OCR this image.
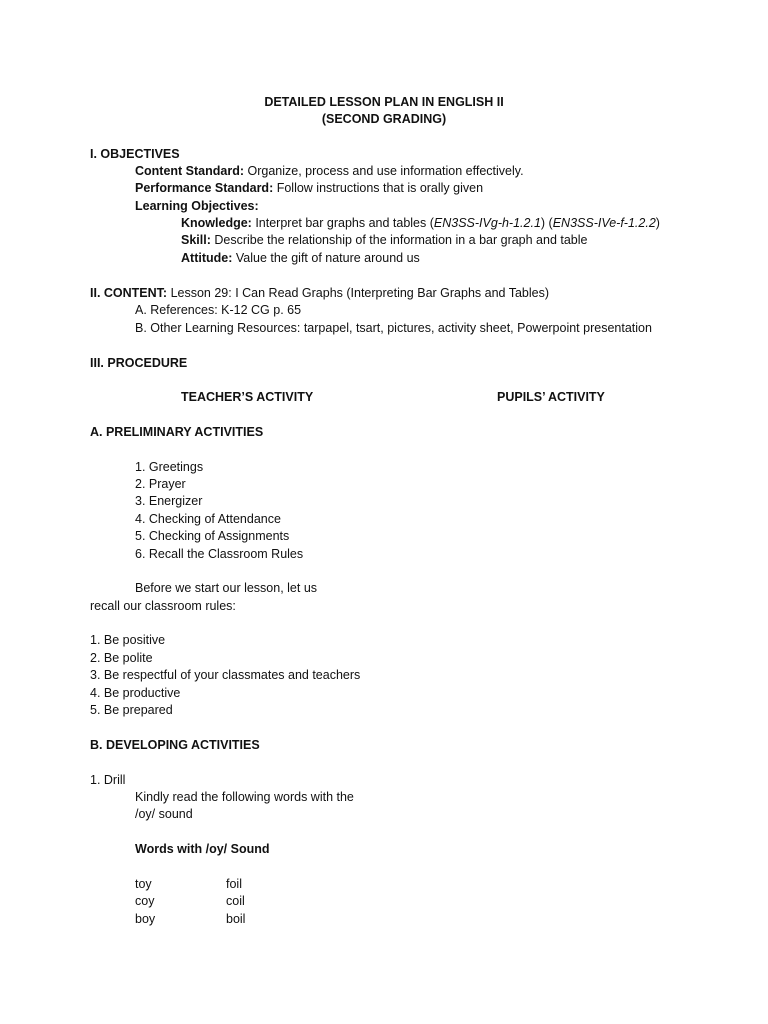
DETAILED LESSON PLAN IN ENGLISH II
(SECOND GRADING)
I. OBJECTIVES
Content Standard: Organize, process and use information effectively.
Performance Standard: Follow instructions that is orally given
Learning Objectives:
Knowledge: Interpret bar graphs and tables (EN3SS-IVg-h-1.2.1) (EN3SS-IVe-f-1.2.2)
Skill: Describe the relationship of the information in a bar graph and table
Attitude: Value the gift of nature around us
II. CONTENT: Lesson 29: I Can Read Graphs (Interpreting Bar Graphs and Tables)
A. References: K-12 CG p. 65
B. Other Learning Resources: tarpapel, tsart, pictures, activity sheet, Powerpoint presentation
III. PROCEDURE
TEACHER’S ACTIVITY	PUPILS’ ACTIVITY
A. PRELIMINARY ACTIVITIES
1. Greetings
2. Prayer
3. Energizer
4. Checking of Attendance
5. Checking of Assignments
6. Recall the Classroom Rules
Before we start our lesson, let us
recall our classroom rules:
1. Be positive
2. Be polite
3. Be respectful of your classmates and teachers
4. Be productive
5. Be prepared
B. DEVELOPING ACTIVITIES
1. Drill
Kindly read the following words with the
/oy/ sound
Words with /oy/ Sound
toy	foil
coy	coil
boy	boil
